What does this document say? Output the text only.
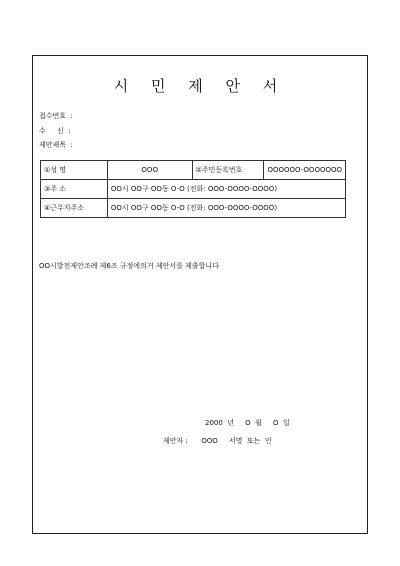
시 민 제 안 서
접수번호  :
수     신  :
제안제목  :
①성 명	OOO	②주민등록번호	OOOOOO-OOOOOOO
③주 소	OO시 OO구 OO동 O-O (전화: OOO-OOOO-OOOO)		
④근무지주소	OO시 OO구 OO동 O-O (전화: OOO-OOOO-OOOO)		
OO시발전제안조례 제6조 규정에의거 제안서를 제출합니다
2000  년     O  월     O  일
제안자 :      OOO     서명  또는  인
